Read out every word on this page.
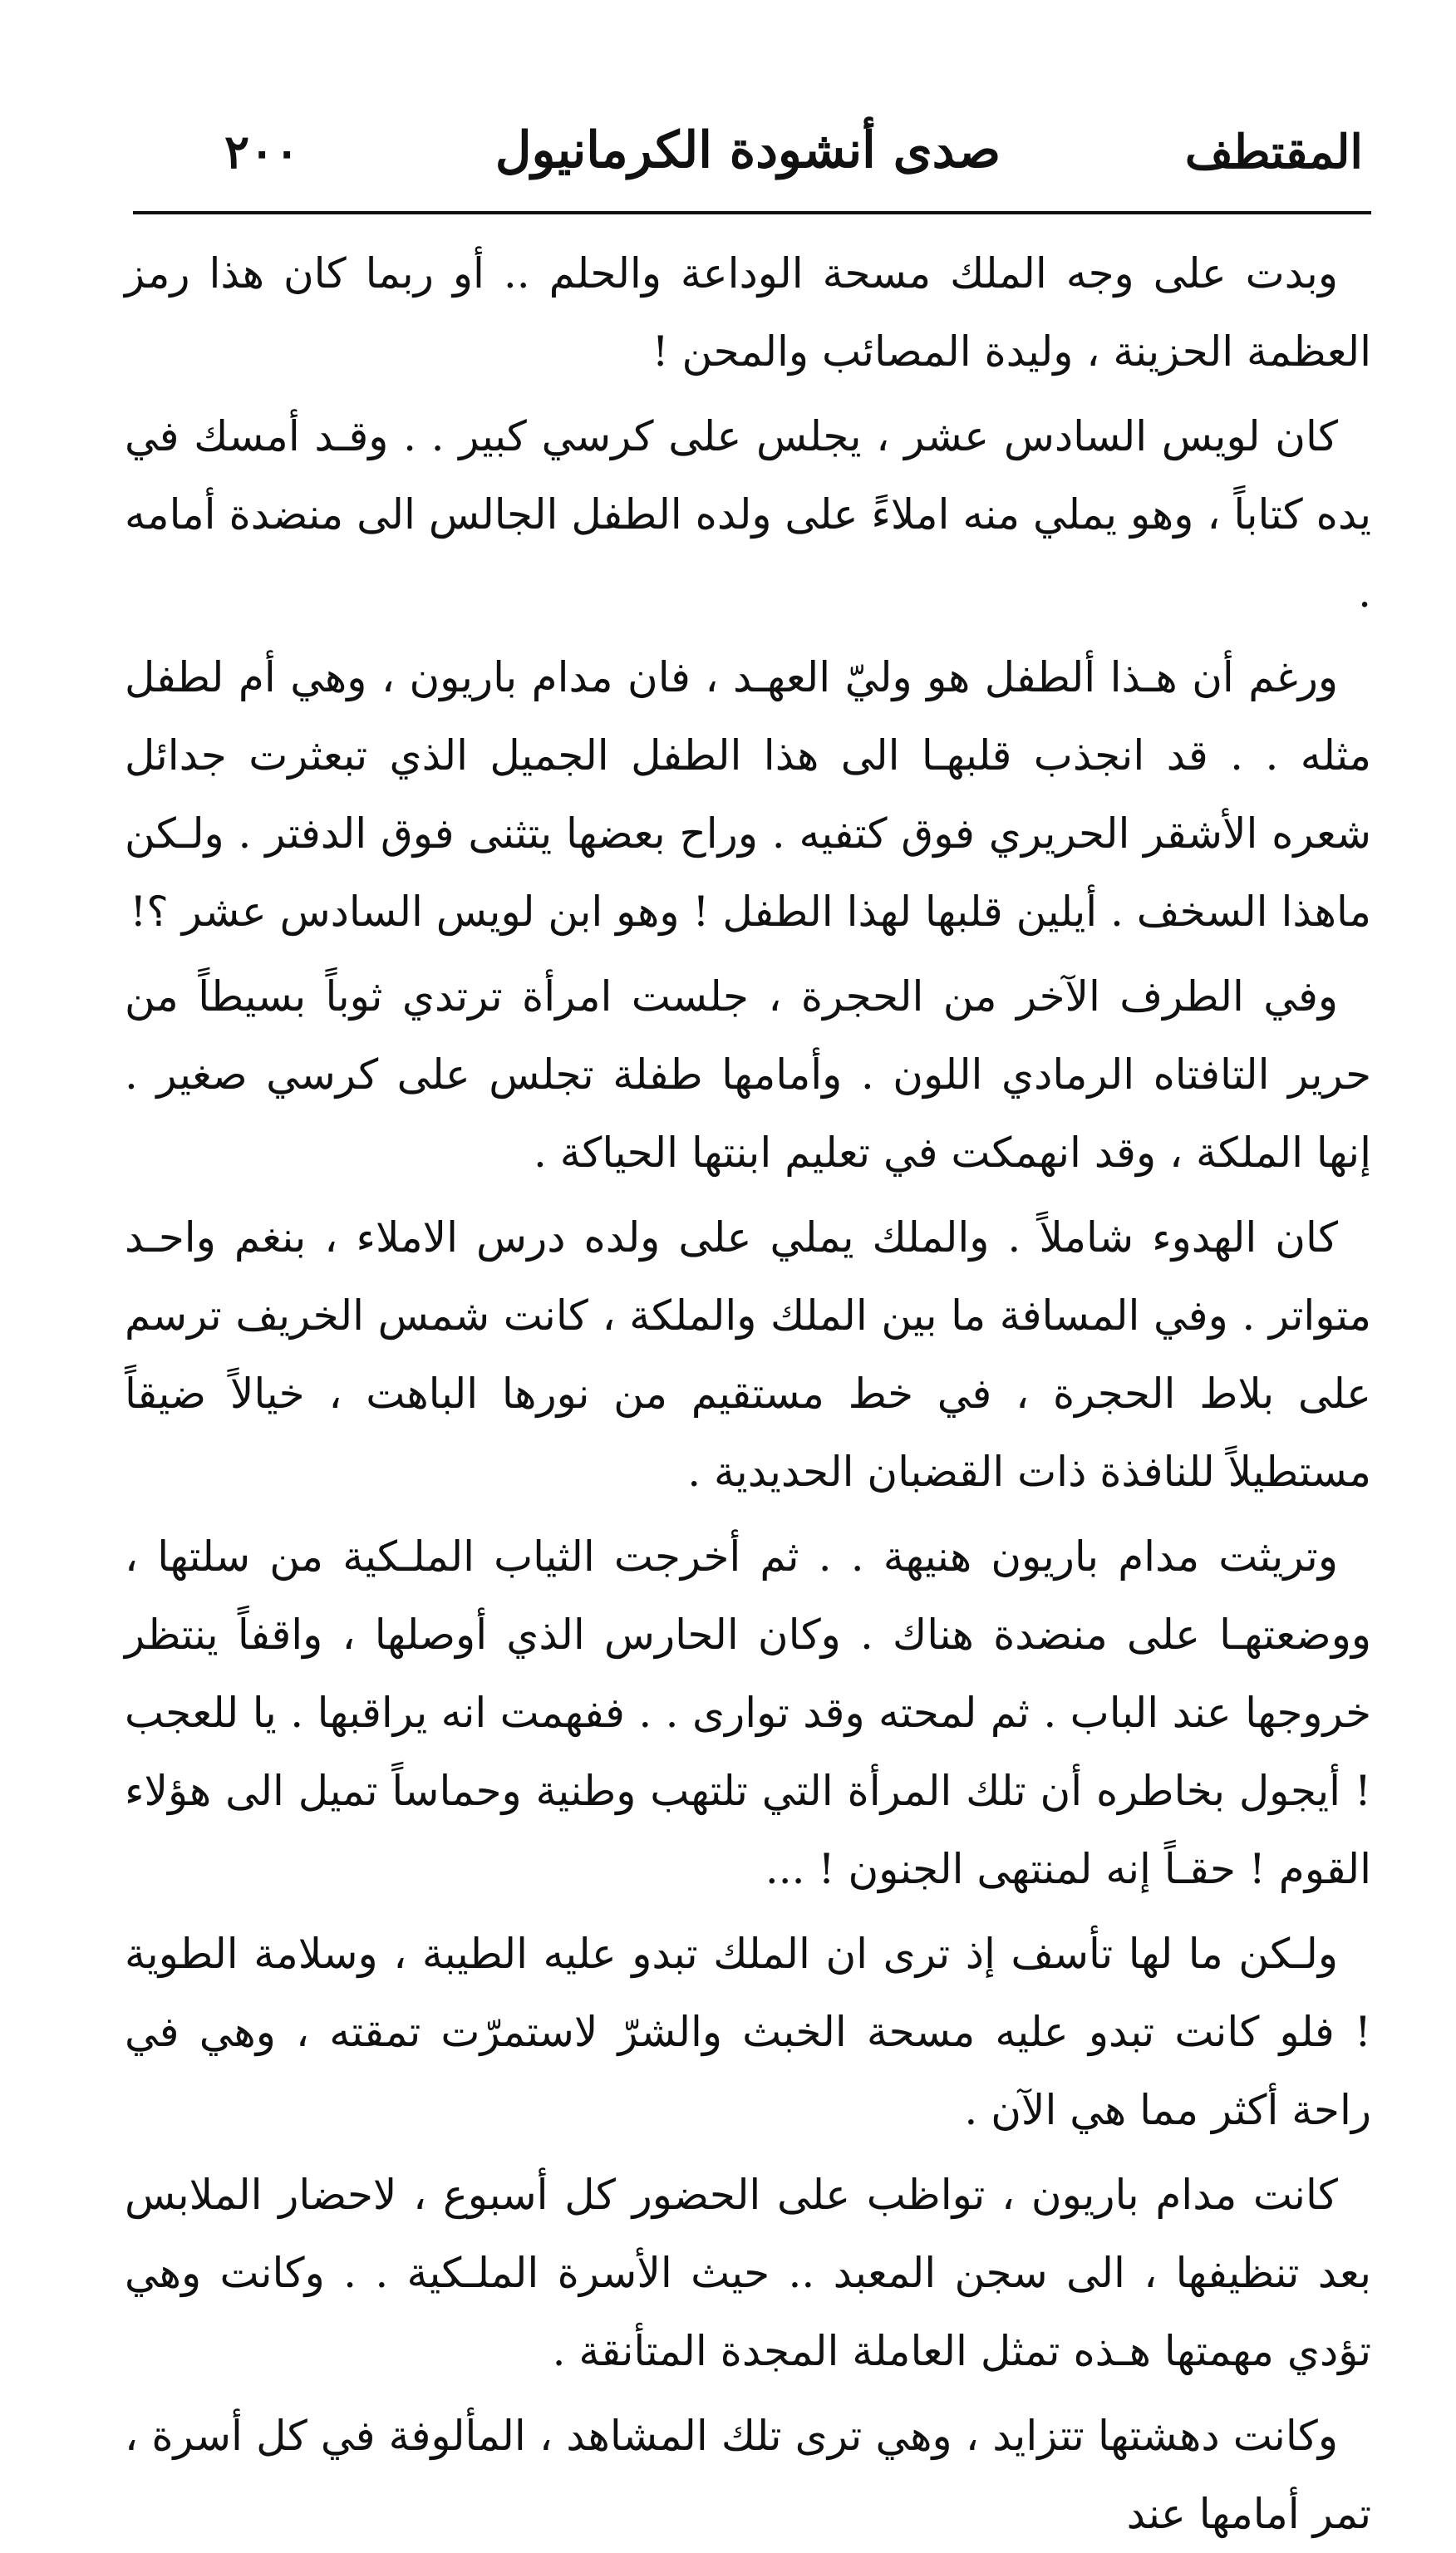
المقتطف
صدى أنشودة الكرمانيول
٢٠٠

وبدت على وجه الملك مسحة الوداعة والحلم .. أو ربما كان هذا رمز العظمة الحزينة ، وليدة المصائب والمحن !

كان لويس السادس عشر ، يجلس على كرسي كبير . . وقـد أمسك في يده كتاباً ، وهو يملي منه املاءً على ولده الطفل الجالس الى منضدة أمامه .

ورغم أن هـذا ألطفل هو وليّ العهـد ، فان مدام باريون ، وهي أم لطفل مثله . . قد انجذب قلبهـا الى هذا الطفل الجميل الذي تبعثرت جدائل شعره الأشقر الحريري فوق كتفيه . وراح بعضها يتثنى فوق الدفتر . ولـكن ماهذا السخف . أيلين قلبها لهذا الطفل ! وهو ابن لويس السادس عشر ؟!

وفي الطرف الآخر من الحجرة ، جلست امرأة ترتدي ثوباً بسيطاً من حرير التافتاه الرمادي اللون . وأمامها طفلة تجلس على كرسي صغير . إنها الملكة ، وقد انهمكت في تعليم ابنتها الحياكة .

كان الهدوء شاملاً . والملك يملي على ولده درس الاملاء ، بنغم واحـد متواتر . وفي المسافة ما بين الملك والملكة ، كانت شمس الخريف ترسم على بلاط الحجرة ، في خط مستقيم من نورها الباهت ، خيالاً ضيقاً مستطيلاً للنافذة ذات القضبان الحديدية .

وتريثت مدام باريون هنيهة . . ثم أخرجت الثياب الملـكية من سلتها ، ووضعتهـا على منضدة هناك . وكان الحارس الذي أوصلها ، واقفاً ينتظر خروجها عند الباب . ثم لمحته وقد توارى . . ففهمت انه يراقبها . يا للعجب ! أيجول بخاطره أن تلك المرأة التي تلتهب وطنية وحماساً تميل الى هؤلاء القوم ! حقـاً إنه لمنتهى الجنون ! ...

ولـكن ما لها تأسف إذ ترى ان الملك تبدو عليه الطيبة ، وسلامة الطوية ! فلو كانت تبدو عليه مسحة الخبث والشرّ لاستمرّت تمقته ، وهي في راحة أكثر مما هي الآن .

كانت مدام باريون ، تواظب على الحضور كل أسبوع ، لاحضار الملابس بعد تنظيفها ، الى سجن المعبد .. حيث الأسرة الملـكية . . وكانت وهي تؤدي مهمتها هـذه تمثل العاملة المجدة المتأنقة .

وكانت دهشتها تتزايد ، وهي ترى تلك المشاهد ، المألوفة في كل أسرة ، تمر أمامها عند
